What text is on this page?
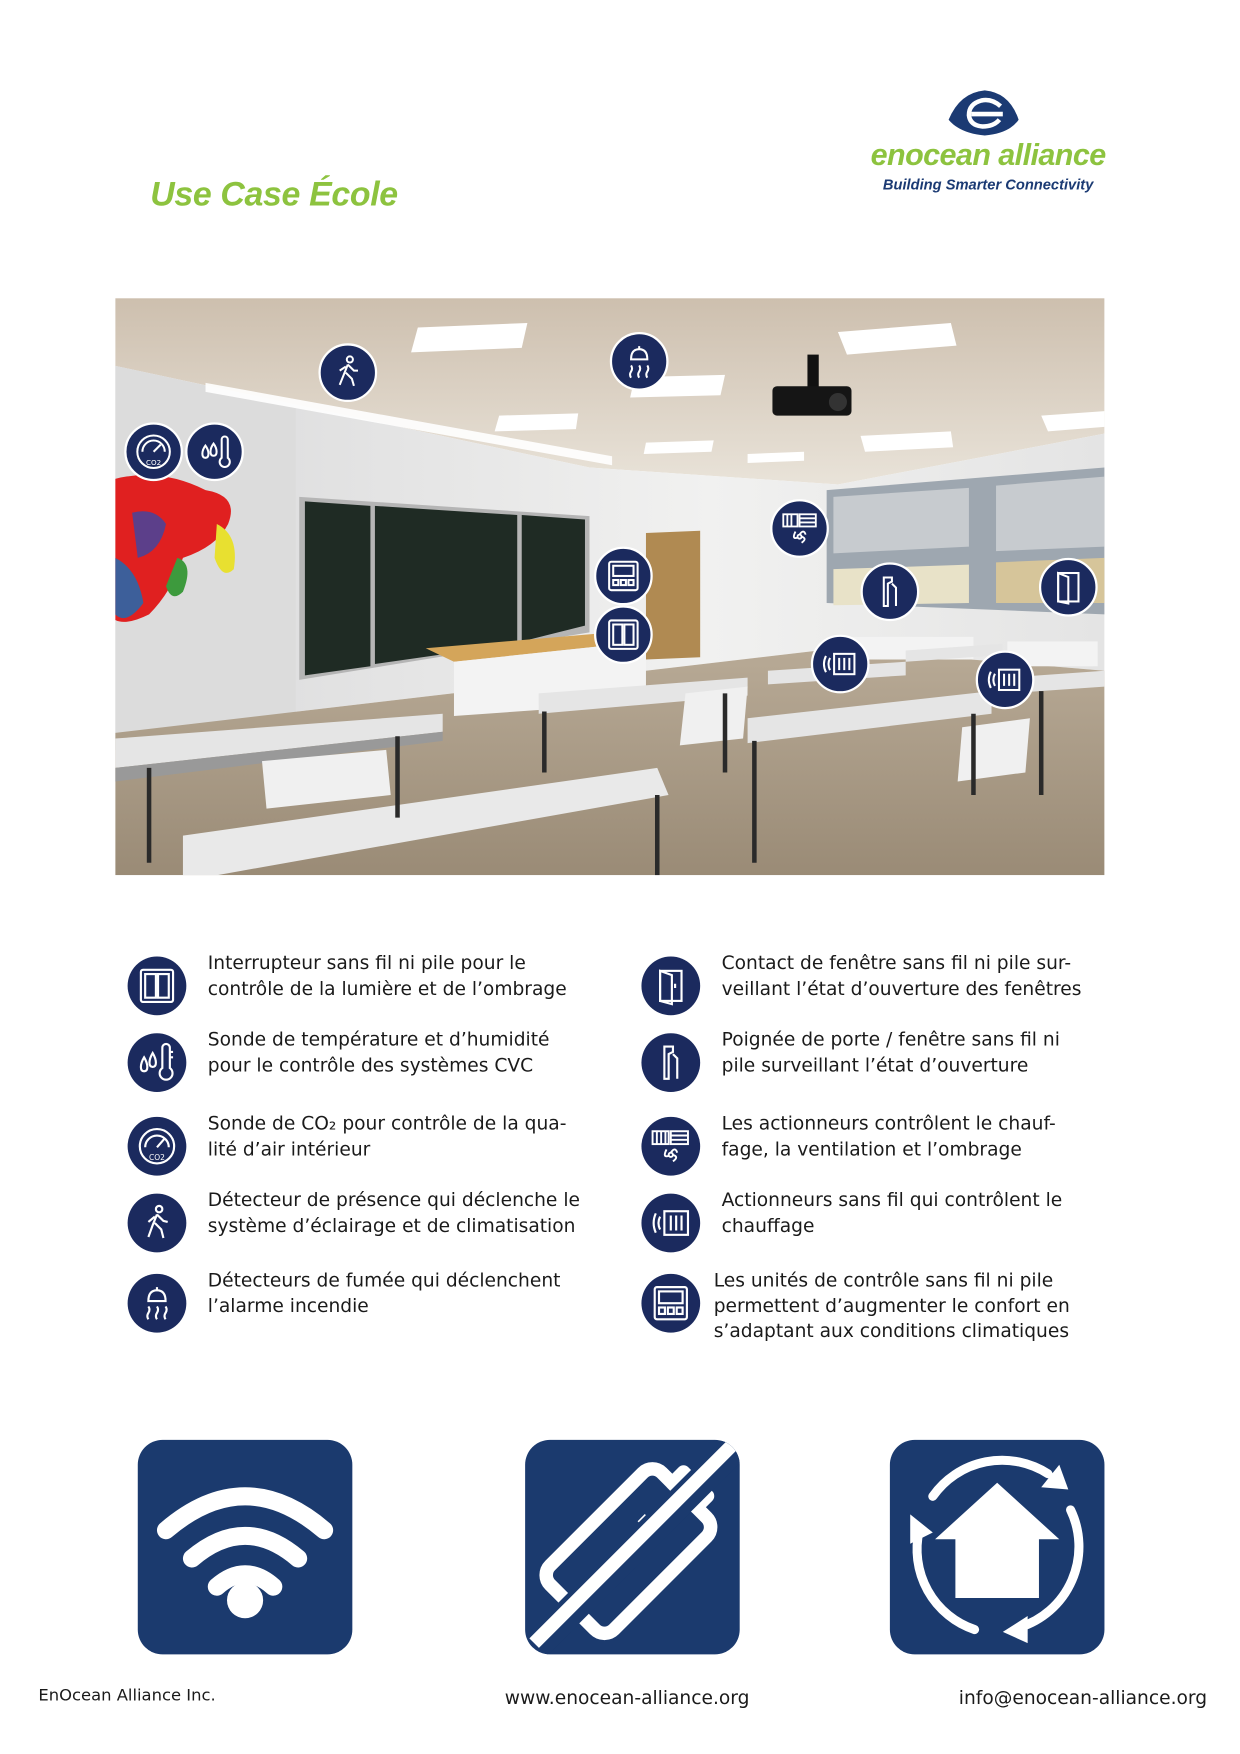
Use Case École
enocean alliance
Building Smarter Connectivity
CO2
Interrupteur sans fil ni pile pour le
contrôle de la lumière et de l’ombrage
Sonde de température et d’humidité
pour le contrôle des systèmes CVC
CO2
Sonde de CO₂ pour contrôle de la qua-
lité d’air intérieur
Détecteur de présence qui déclenche le
système d’éclairage et de climatisation
Détecteurs de fumée qui déclenchent
l’alarme incendie
Contact de fenêtre sans fil ni pile sur-
veillant l’état d’ouverture des fenêtres
Poignée de porte / fenêtre sans fil ni
pile surveillant l’état d’ouverture
Les actionneurs contrôlent le chauf-
fage, la ventilation et l’ombrage
Actionneurs sans fil qui contrôlent le
chauffage
Les unités de contrôle sans fil ni pile
permettent d’augmenter le confort en
s’adaptant aux conditions climatiques
EnOcean Alliance Inc.	www.enocean-alliance.org	info@enocean-alliance.org
